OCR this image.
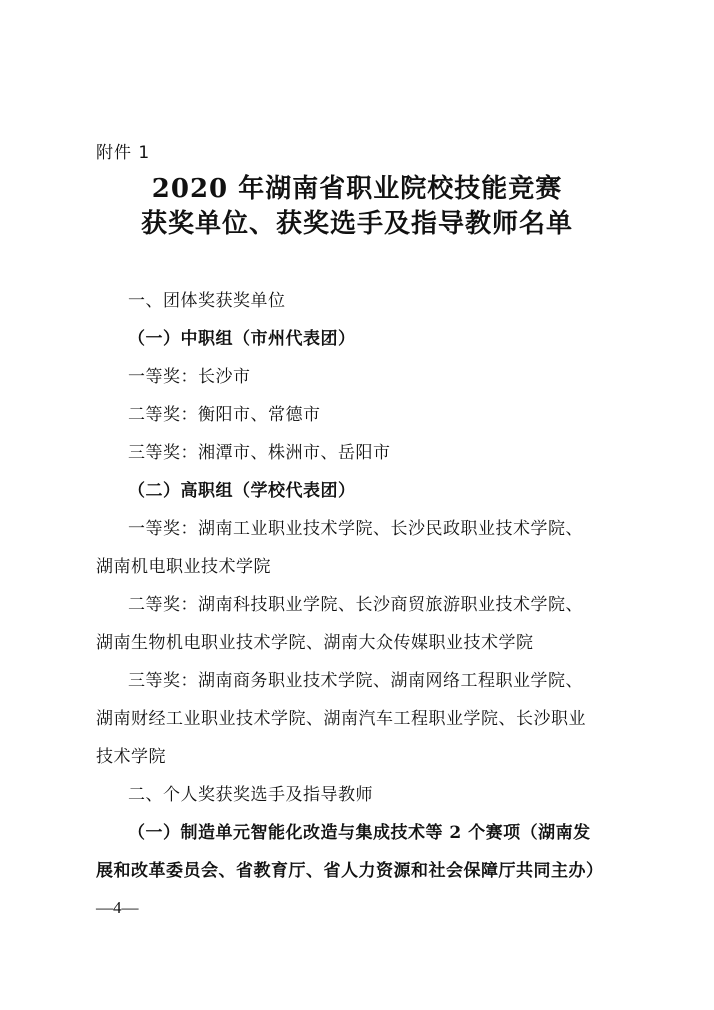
附件 1
2020 年湖南省职业院校技能竞赛
获奖单位、获奖选手及指导教师名单
一、团体奖获奖单位
（一）中职组（市州代表团）
一等奖：长沙市
二等奖：衡阳市、常德市
三等奖：湘潭市、株洲市、岳阳市
（二）高职组（学校代表团）
一等奖：湖南工业职业技术学院、长沙民政职业技术学院、
湖南机电职业技术学院
二等奖：湖南科技职业学院、长沙商贸旅游职业技术学院、
湖南生物机电职业技术学院、湖南大众传媒职业技术学院
三等奖：湖南商务职业技术学院、湖南网络工程职业学院、
湖南财经工业职业技术学院、湖南汽车工程职业学院、长沙职业
技术学院
二、个人奖获奖选手及指导教师
（一）制造单元智能化改造与集成技术等 2 个赛项（湖南发
展和改革委员会、省教育厅、省人力资源和社会保障厅共同主办）
—4—
